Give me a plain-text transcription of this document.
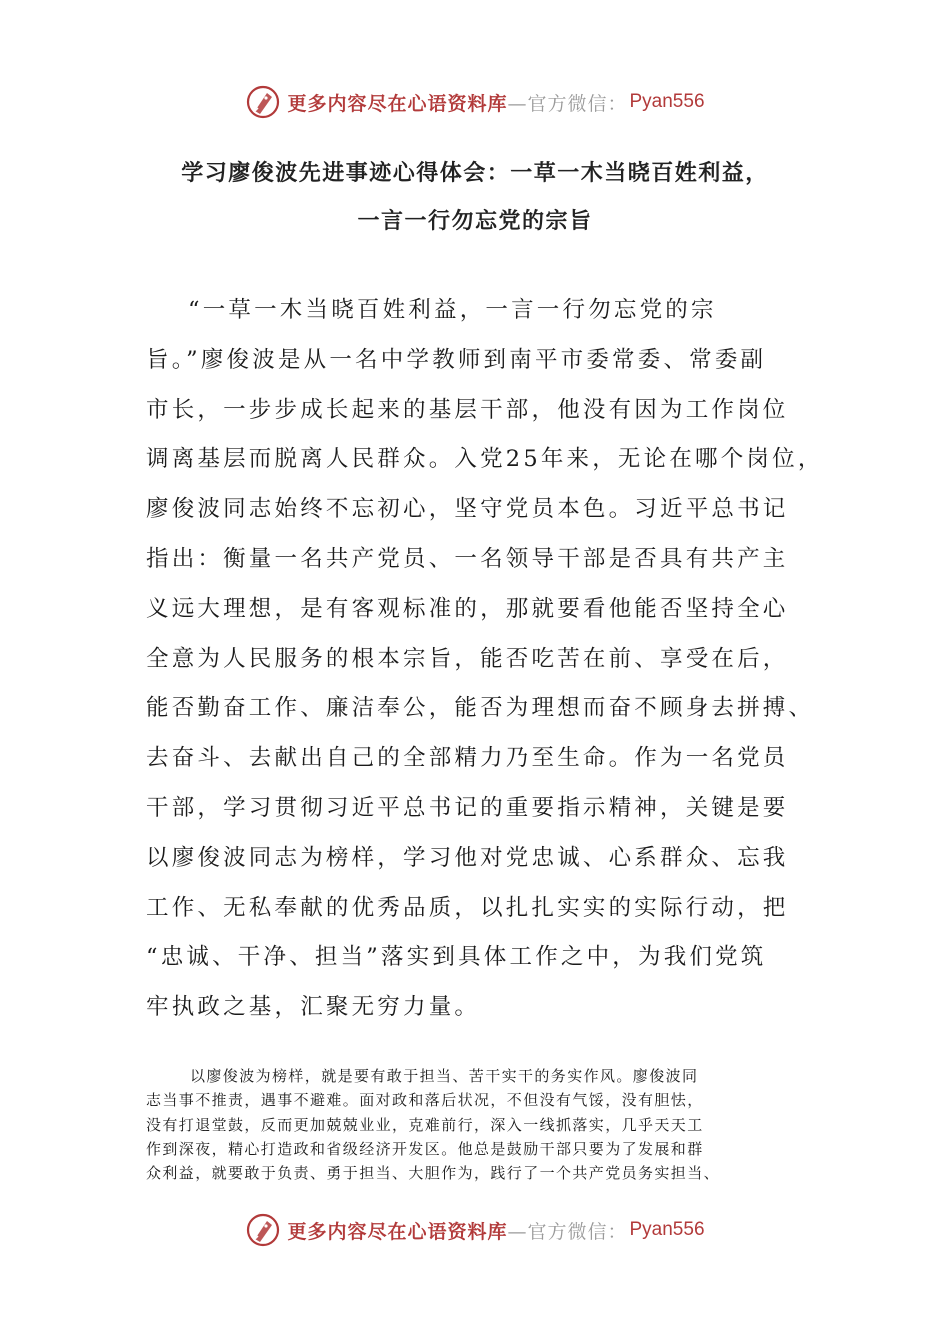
更多内容尽在心语资料库 —官方微信： Pyan556
学习廖俊波先进事迹心得体会：一草一木当晓百姓利益，
一言一行勿忘党的宗旨
“一草一木当晓百姓利益，一言一行勿忘党的宗
旨。”廖俊波是从一名中学教师到南平市委常委、常委副
市长，一步步成长起来的基层干部，他没有因为工作岗位
调离基层而脱离人民群众。入党25年来，无论在哪个岗位，
廖俊波同志始终不忘初心，坚守党员本色。习近平总书记
指出：衡量一名共产党员、一名领导干部是否具有共产主
义远大理想，是有客观标准的，那就要看他能否坚持全心
全意为人民服务的根本宗旨，能否吃苦在前、享受在后，
能否勤奋工作、廉洁奉公，能否为理想而奋不顾身去拼搏、
去奋斗、去献出自己的全部精力乃至生命。作为一名党员
干部，学习贯彻习近平总书记的重要指示精神，关键是要
以廖俊波同志为榜样，学习他对党忠诚、心系群众、忘我
工作、无私奉献的优秀品质，以扎扎实实的实际行动，把
“忠诚、干净、担当”落实到具体工作之中，为我们党筑
牢执政之基，汇聚无穷力量。
以廖俊波为榜样，就是要有敢于担当、苦干实干的务实作风。廖俊波同
志当事不推责，遇事不避难。面对政和落后状况，不但没有气馁，没有胆怯，
没有打退堂鼓，反而更加兢兢业业，克难前行，深入一线抓落实，几乎天天工
作到深夜，精心打造政和省级经济开发区。他总是鼓励干部只要为了发展和群
众利益，就要敢于负责、勇于担当、大胆作为，践行了一个共产党员务实担当、
更多内容尽在心语资料库 —官方微信： Pyan556
